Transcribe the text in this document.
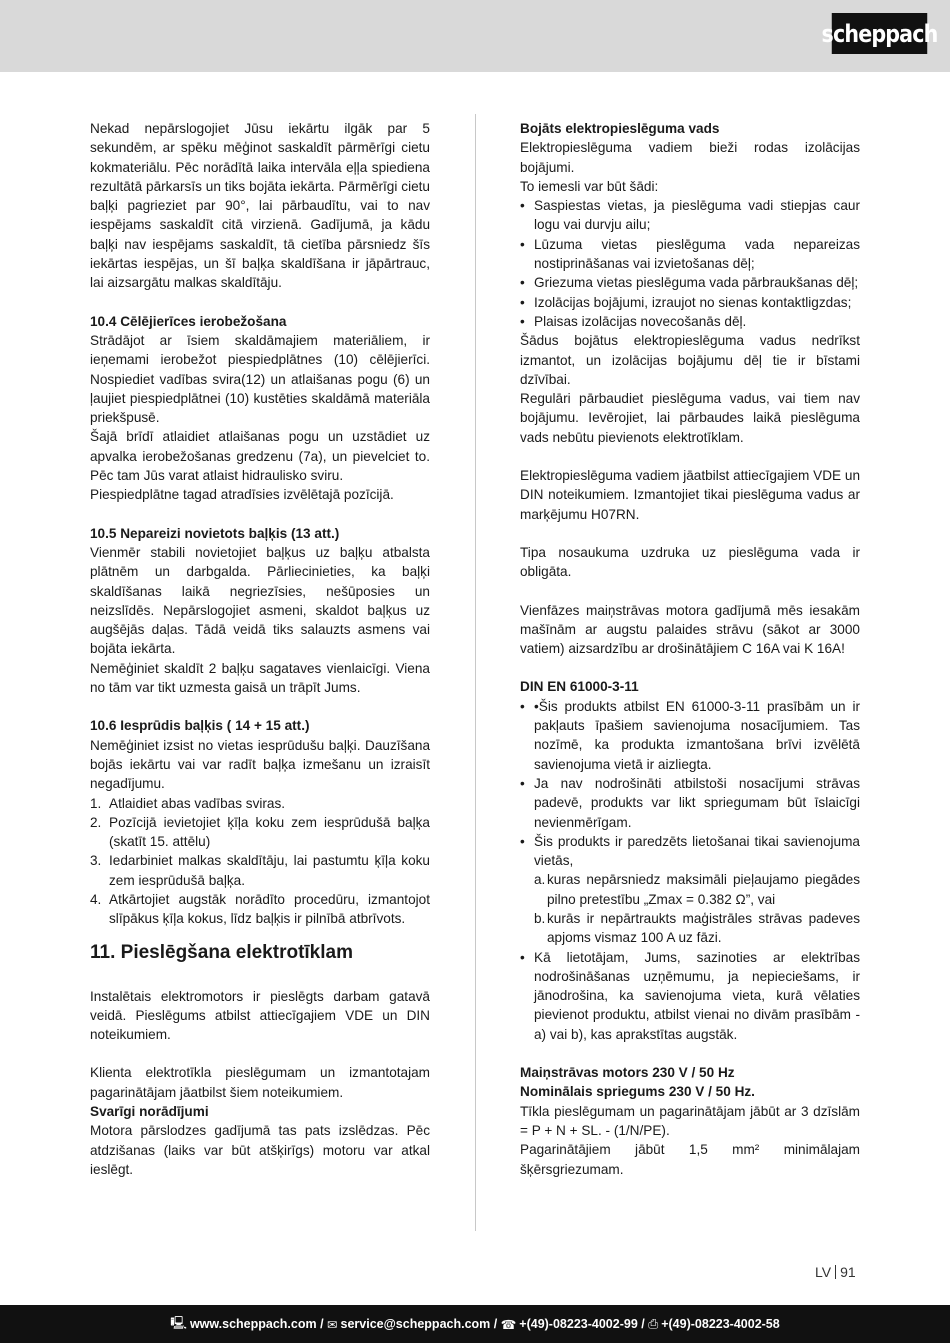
scheppach

Nekad nepārslogojiet Jūsu iekārtu ilgāk par 5 sekundēm, ar spēku mēģinot saskaldīt pārmērīgi cietu kokmateriālu. Pēc norādītā laika intervāla eļļa spiediena rezultātā pārkarsīs un tiks bojāta iekārta. Pārmērīgi cietu baļķi pagrieziet par 90°, lai pārbaudītu, vai to nav iespējams saskaldīt citā virzienā. Gadījumā, ja kādu baļķi nav iespējams saskaldīt, tā cietība pārsniedz šīs iekārtas iespējas, un šī baļķa skaldīšana ir jāpārtrauc, lai aizsargātu malkas skaldītāju.

10.4 Cēlējierīces ierobežošana

Strādājot ar īsiem skaldāmajiem materiāliem, ir ieņemami ierobežot piespiedplātnes (10) cēlējierīci. Nospiediet vadības svira(12) un atlaišanas pogu (6) un ļaujiet piespiedplātnei (10) kustēties skaldāmā materiāla priekšpusē.

Šajā brīdī atlaidiet atlaišanas pogu un uzstādiet uz apvalka ierobežošanas gredzenu (7a), un pievelciet to. Pēc tam Jūs varat atlaist hidraulisko sviru.

Piespiedplātne tagad atradīsies izvēlētajā pozīcijā.

10.5 Nepareizi novietots baļķis (13 att.)

Vienmēr stabili novietojiet baļķus uz baļķu atbalsta plātnēm un darbgalda. Pārliecinieties, ka baļķi skaldīšanas laikā negriezīsies, nešūposies un neizslīdēs. Nepārslogojiet asmeni, skaldot baļķus uz augšējās daļas. Tādā veidā tiks salauzts asmens vai bojāta iekārta.

Nemēģiniet skaldīt 2 baļķu sagataves vienlaicīgi. Viena no tām var tikt uzmesta gaisā un trāpīt Jums.

10.6 Iesprūdis baļķis ( 14 + 15 att.)

Nemēģiniet izsist no vietas iesprūdušu baļķi. Dauzīšana bojās iekārtu vai var radīt baļķa izmešanu un izraisīt negadījumu.

1. Atlaidiet abas vadības sviras.
2. Pozīcijā ievietojiet ķīļa koku zem iesprūdušā baļķa (skatīt 15. attēlu)
3. Iedarbiniet malkas skaldītāju, lai pastumtu ķīļa koku zem iesprūdušā baļķa.
4. Atkārtojiet augstāk norādīto procedūru, izmantojot slīpākus ķīļa kokus, līdz baļķis ir pilnībā atbrīvots.
11. Pieslēgšana elektrotīklam

Instalētais elektromotors ir pieslēgts darbam gatavā veidā. Pieslēgums atbilst attiecīgajiem VDE un DIN noteikumiem.

Klienta elektrotīkla pieslēgumam un izmantotajam pagarinātājam jāatbilst šiem noteikumiem.

Svarīgi norādījumi

Motora pārslodzes gadījumā tas pats izslēdzas. Pēc atdzišanas (laiks var būt atšķirīgs) motoru var atkal ieslēgt.

Bojāts elektropieslēguma vads

Elektropieslēguma vadiem bieži rodas izolācijas bojājumi.

To iemesli var būt šādi:

• Saspiestas vietas, ja pieslēguma vadi stiepjas caur logu vai durvju ailu;
• Lūzuma vietas pieslēguma vada nepareizas nostiprināšanas vai izvietošanas dēļ;
• Griezuma vietas pieslēguma vada pārbraukšanas dēļ;
• Izolācijas bojājumi, izraujot no sienas kontaktligzdas;
• Plaisas izolācijas novecošanās dēļ.

Šādus bojātus elektropieslēguma vadus nedrīkst izmantot, un izolācijas bojājumu dēļ tie ir bīstami dzīvībai.

Regulāri pārbaudiet pieslēguma vadus, vai tiem nav bojājumu. Ievērojiet, lai pārbaudes laikā pieslēguma vads nebūtu pievienots elektrotīklam.

Elektropieslēguma vadiem jāatbilst attiecīgajiem VDE un DIN noteikumiem. Izmantojiet tikai pieslēguma vadus ar marķējumu H07RN.

Tipa nosaukuma uzdruka uz pieslēguma vada ir obligāta.

Vienfāzes maiņstrāvas motora gadījumā mēs iesakām mašīnām ar augstu palaides strāvu (sākot ar 3000 vatiem) aizsardzību ar drošinātājiem C 16A vai K 16A!

DIN EN 61000-3-11

• •Šis produkts atbilst EN 61000-3-11 prasībām un ir pakļauts īpašiem savienojuma nosacījumiem. Tas nozīmē, ka produkta izmantošana brīvi izvēlētā savienojuma vietā ir aizliegta.
• Ja nav nodrošināti atbilstoši nosacījumi strāvas padevē, produkts var likt spriegumam būt īslaicīgi nevienmērīgam.
• Šis produkts ir paredzēts lietošanai tikai savienojuma vietās,
a. kuras nepārsniedz maksimāli pieļaujamo piegādes pilno pretestību „Zmax = 0.382 Ω”, vai
b. kurās ir nepārtraukts maģistrāles strāvas padeves apjoms vismaz 100 A uz fāzi.
• Kā lietotājam, Jums, sazinoties ar elektrības nodrošināšanas uzņēmumu, ja nepieciešams, ir jānodrošina, ka savienojuma vieta, kurā vēlaties pievienot produktu, atbilst vienai no divām prasībām - a) vai b), kas aprakstītas augstāk.

Maiņstrāvas motors 230 V / 50 Hz

Nominālais spriegums 230 V / 50 Hz.

Tīkla pieslēgumam un pagarinātājam jābūt ar 3 dzīslām = P + N + SL. - (1/N/PE).

Pagarinātājiem jābūt 1,5 mm² minimālajam šķērsgriezumam.

LV 91
🖳 www.scheppach.com / ✉ service@scheppach.com / ☎ +(49)-08223-4002-99 / ⎙ +(49)-08223-4002-58
